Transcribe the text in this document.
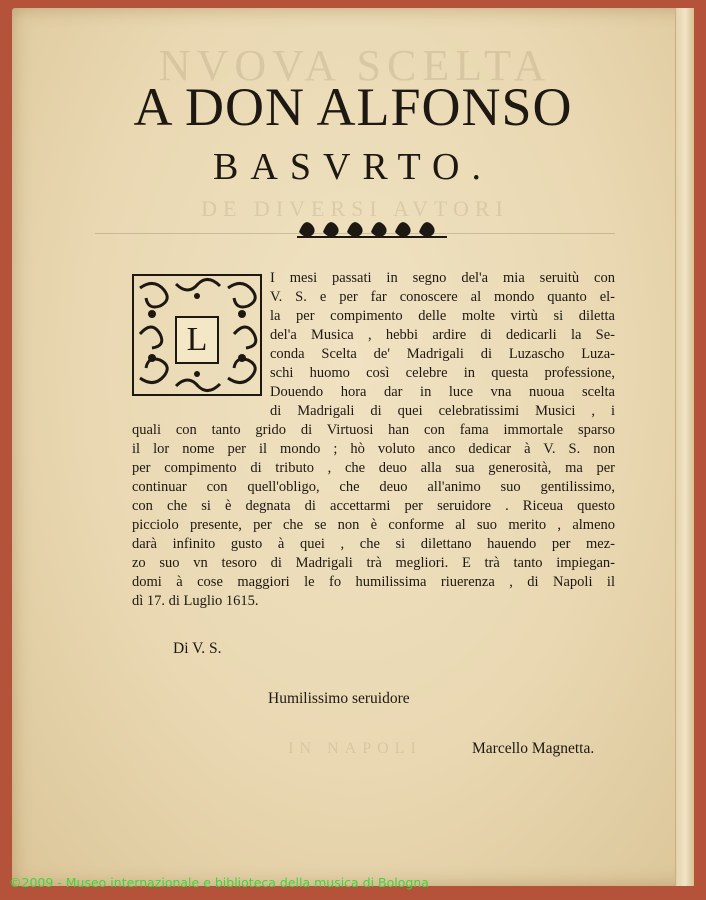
A DON ALFONSO
BASVRTO.
L
I mesi passati in segno del'a mia seruitù con
V. S. e per far conoscere al mondo quanto el-
la per compimento delle molte virtù si diletta
del'a Musica , hebbi ardire di dedicarli la Se-
conda Scelta de' Madrigali di Luzascho Luza-
schi huomo così celebre in questa professione,
Douendo hora dar in luce vna nuoua scelta
di Madrigali di quei celebratissimi Musici , i
quali con tanto grido di Virtuosi han con fama immortale sparso
il lor nome per il mondo ; hò voluto anco dedicar à V. S. non
per compimento di tributo , che deuo alla sua generosità, ma per
continuar con quell'obligo, che deuo all'animo suo gentilissimo,
con che si è degnata di accettarmi per seruidore . Riceua questo
picciolo presente, per che se non è conforme al suo merito , almeno
darà infinito gusto à quei , che si dilettano hauendo per mez-
zo suo vn tesoro di Madrigali trà megliori. E trà tanto impiegan-
domi à cose maggiori le fo humilissima riuerenza , di Napoli il
dì 17. di Luglio 1615.
Di V. S.
Humilissimo seruidore
Marcello Magnetta.
©2009 - Museo internazionale e biblioteca della musica di Bologna
